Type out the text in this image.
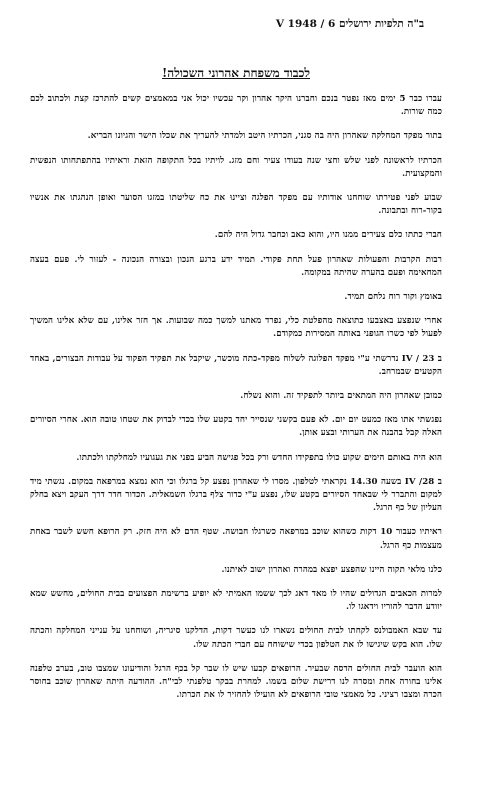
ב"ה תלפיות ירושלים 6 / V 1948
לכבוד משפחת אהרוני השכולה!

עברו כבר 5 ימים מאז נפטר בנכם וחברנו היקר אהרון וקר עכשיו יכול אני במאמצים קשים להתרכז קצת ולכתוב לכם כמה שורות.

בתור מפקד המחלקה שאהרון היה בה סגני, הכרתיו היטב ולמדתי להעריך את שכלו הישר והגיונו הבריא.

הכרתיו לראשונה לפני שלש וחצי שנה בעודו צעיר וחם מזג. לויתיו בכל התקופה הזאת וראיתיו בהתפתחותו הנפשית והמקצועית.

שבוע לפני פטירתו שוחחנו אודותיו עם מפקד הפלגה וציינוּ את כח שליטתו במזגו הסוער ואופן הנהגתו את אנשיו בקור-רוח ובתבונה.

חברי כתתו כלם צעירים ממנו היו, והוא כאב וכחבר גדול היה להם.

רבות הקרבות והפעולות שאהרון פעל תחת פקודי. תמיד ידע ברגע הנכון ובצורה הנכונה - לעזור לי. פעם בעצה המחאימה ופעם בהערה שהיתה במקומה.

באומץ וקור רוח נלחם תמיד.

אחרי שנפצע באצבעו כתוצאה מהפלטת כלי, נפרד מאתנו למשך כמה שבועות. אך חזר אלינו, עם שלא אלינו המשיך לפעול לפי כשרו הגופני באותה המסירות כמקודם.

ב IV / 23 נדרשתי ע"י מפקד הפלוגה לשלוח מפקד-כתה מוכשר, שיקבל את תפקיד הפקוד על עבודות הבצורים, באחד הקטעים שבמרחב.

כמובן שאהרון היה המתאים ביותר לתפקיד זה. והוא נשלח.

נפגשתי אתו מאז כמעט יום יום. לא פעם בקשני שנסייר יחד בקטע שלו בכדי לבדוק את שטחו טובה הוא. אחרי הסיורים האלה קבל בהבנה את הערותי ובצע אותן.

הוא היה באותם הימים שקוע כולו בתפקידו החדש ורק בכל פגישה הביע בפני את געגועיו למחלקתו ולכתתו.

ב IV /28 בשעה 14.30 נקראתי לטלפון. מסרו לי שאהרון נפצע קל ברגלו וכי הוא נמצא במרפאה במקום. נגשתי מיד למקום והתברר לי שבאחד הסיורים בקטע שלו, נפצע ע"י כדור צלף ברגלו השמאלית. הכדור חדר דרך העקב ויצא בחלק העליון של כף הרגל.

ראיתיו כעבור 10 דקות כשהוא שוכב במרפאה כשרגלו חבושה. שטף הדם לא היה חזק. רק הרופא חשש לשבר באחת מעצמות כף הרגל.

כלנו מלאי תקוה היינו שהפצע יפצא במהרה ואהרון ישוב לאיתנו.

למרות הכאבים הגדולים שהיו לו מאד דאג לכך ששמו האמיתי לא יופיע ברשימת הפצועים בבית החולים, מחשש שמא יוודע הדבר להוריו וידאגו לו.

עד שבא האמבולנס לקחתו לבית החולים נשארו לנו כעשר דקות, הדלקנו סיגריה, ושוחחנו על ענייני המחלקה והכתה שלו. הוא בקש שיגישו לו את הטלפון בכדי שישוחח עם חברי הכתה שלו.

הוא הועבר לבית החולים הדסה שבעיר. הרופאים קבעו שיש לו שבר קל בכף הרגל והודיעונו שמצבו טוב, בערב טלפנה אלינו בחורה אחת ומסרה לנו דרישת שלום בשמו. למחרת בבקר טלפנתי לבי"ח. ההודעה היתה שאהרון שוכב בחוסר הכרה ומצבו רציני. כל מאמצי טובי הרופאים לא הועילו להחזיר לו את הכרתו.
